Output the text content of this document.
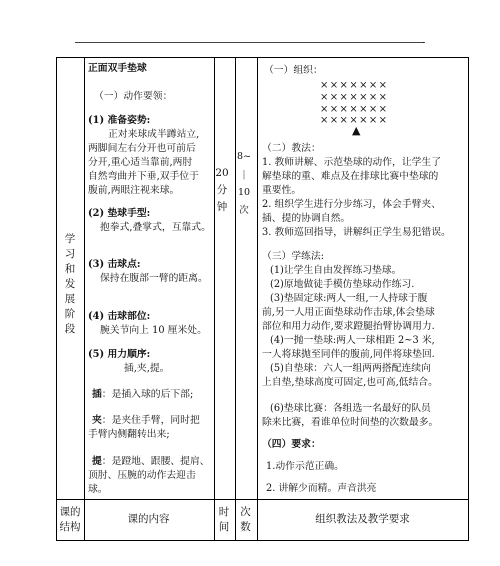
.
学
习
和
发
展
阶
段
正面双手垫球
（一）动作要领：
(1) 准备姿势:
正对来球成半蹲站立,
两脚间左右分开也可前后
分开,重心适当靠前,两肘
自然弯曲并下垂,双手位于
腹前,两眼注视来球。
(2) 垫球手型:
抱拳式,叠掌式，互靠式。
(3) 击球点:
保持在腹部一臂的距离。
(4) 击球部位:
腕关节向上 10 厘米处。
(5) 用力顺序:
插,夹,提。
插：是插入球的后下部;
夹：是夹住手臂，同时把
手臂内侧翻转出来;
提：是蹬地、跟腰、提肩、
顶肘、压腕的动作去迎击
球。
20
分
钟
8~
|
10
次
（一）组织：
×××××××
×××××××
×××××××
×××××××
▲
（二）教法：
1. 教师讲解、示范垫球的动作，让学生了
解垫球的重、难点及在排球比赛中垫球的
重要性。
2. 组织学生进行分步练习，体会手臂夹、
插、提的协调自然。
3. 教师巡回指导，讲解纠正学生易犯错误。
（三）学练法:
(1)让学生自由发挥练习垫球。
(2)原地做徒手模仿垫球动作练习.
(3)垫固定球:两人一组,一人持球于腹
前,另一人用正面垫球动作击球,体会垫球
部位和用力动作,要求蹬腿抬臂协调用力.
(4)一抛一垫球:两人一球相距 2~3 米,
一人将球抛至同伴的腹前,同伴将球垫回.
(5)自垫球：六人一组两两搭配连续向
上自垫,垫球高度可固定,也可高,低结合。
(6)垫球比赛：各组选一名最好的队员
除来比赛，看谁单位时间垫的次数最多。
（四）要求：
1.动作示范正确。
2. 讲解少而精。声音洪亮
课的
结构
课的内容
时
间
次
数
组织教法及教学要求
